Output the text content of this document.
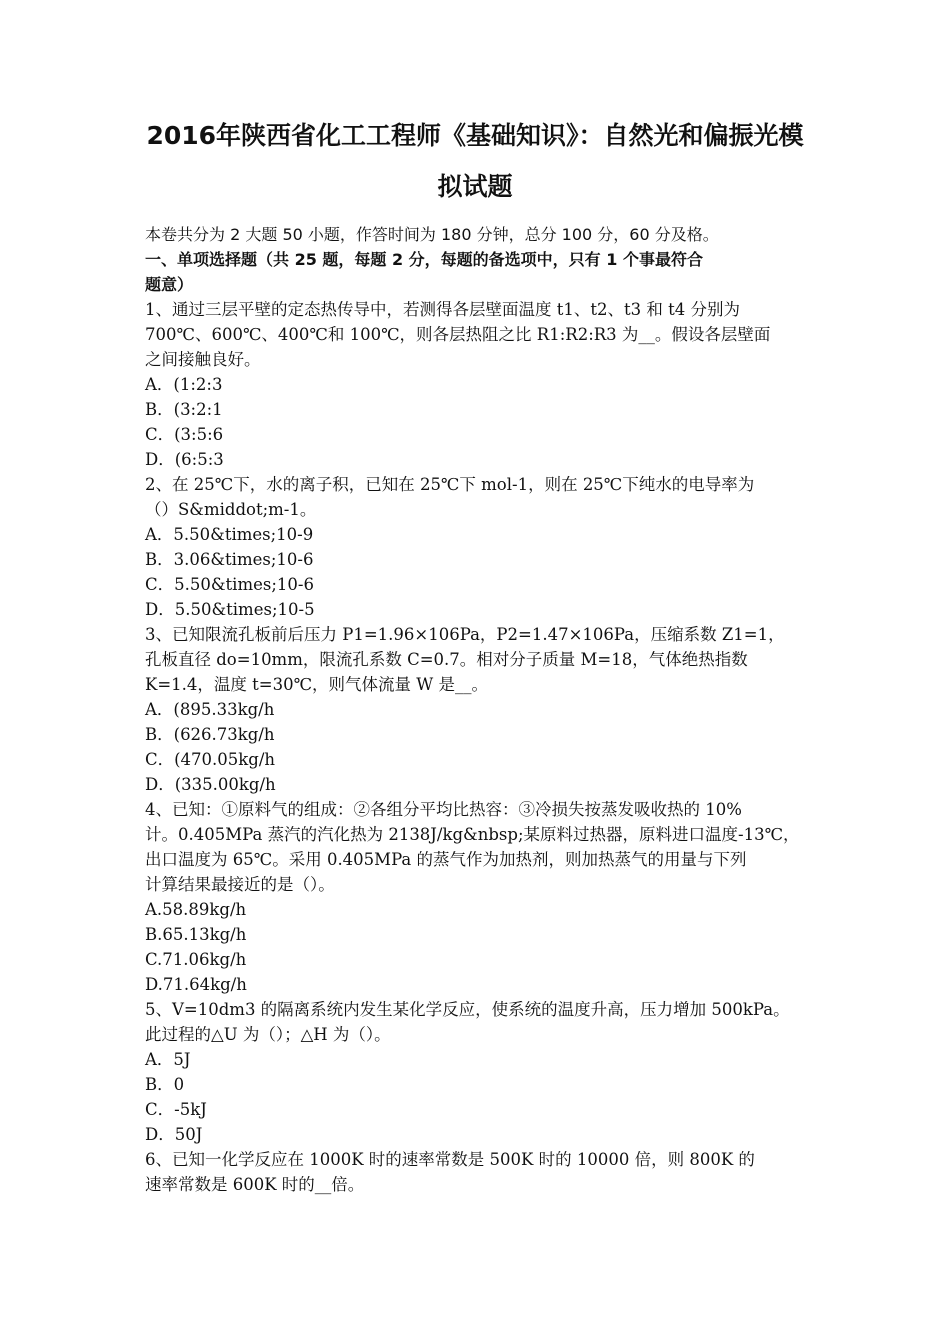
2016年陕西省化工工程师《基础知识》：自然光和偏振光模
拟试题
本卷共分为 2 大题 50 小题，作答时间为 180 分钟，总分 100 分，60 分及格。
一、单项选择题（共 25 题，每题 2 分，每题的备选项中，只有 1 个事最符合
题意）
1、通过三层平壁的定态热传导中，若测得各层壁面温度 t1、t2、t3 和 t4 分别为
700℃、600℃、400℃和 100℃，则各层热阻之比 R1:R2:R3 为__。假设各层壁面
之间接触良好。
A．(1:2:3
B．(3:2:1
C．(3:5:6
D．(6:5:3
2、在 25℃下，水的离子积，已知在 25℃下 mol-1，则在 25℃下纯水的电导率为
（）S&middot;m-1。
A．5.50&times;10-9
B．3.06&times;10-6
C．5.50&times;10-6
D．5.50&times;10-5
3、已知限流孔板前后压力 P1=1.96×106Pa，P2=1.47×106Pa，压缩系数 Z1=1，
孔板直径 do=10mm，限流孔系数 C=0.7。相对分子质量 M=18，气体绝热指数
K=1.4，温度 t=30℃，则气体流量 W 是__。
A．(895.33kg/h
B．(626.73kg/h
C．(470.05kg/h
D．(335.00kg/h
4、已知：①原料气的组成：②各组分平均比热容：③冷损失按蒸发吸收热的 10%
计。0.405MPa 蒸汽的汽化热为 2138J/kg&nbsp;某原料过热器，原料进口温度-13℃，
出口温度为 65℃。采用 0.405MPa 的蒸气作为加热剂，则加热蒸气的用量与下列
计算结果最接近的是（）。
A.58.89kg/h
B.65.13kg/h
C.71.06kg/h
D.71.64kg/h
5、V=10dm3 的隔离系统内发生某化学反应，使系统的温度升高，压力增加 500kPa。
此过程的△U 为（）；△H 为（）。
A．5J
B．0
C．-5kJ
D．50J
6、已知一化学反应在 1000K 时的速率常数是 500K 时的 10000 倍，则 800K 的
速率常数是 600K 时的__倍。
